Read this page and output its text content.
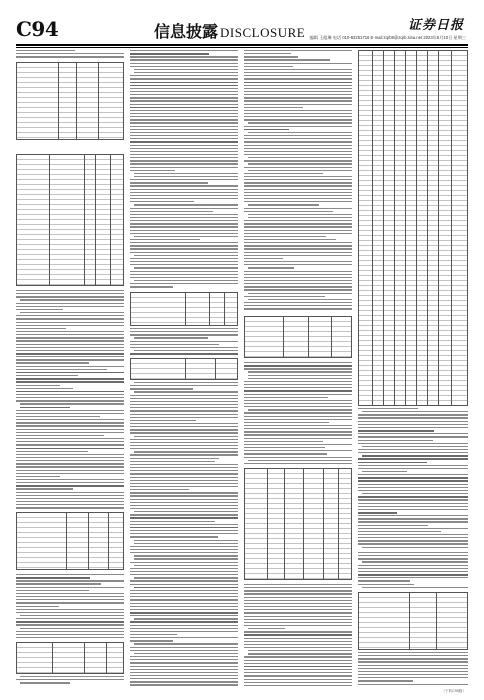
C94	信息披露 DISCLOSURE	证券日报
编辑 王彪琳 电话 010-83251716 E-mail:zqrb9@zqrb.sina.net 2023年5月10日 星期三
（下转C95版）
